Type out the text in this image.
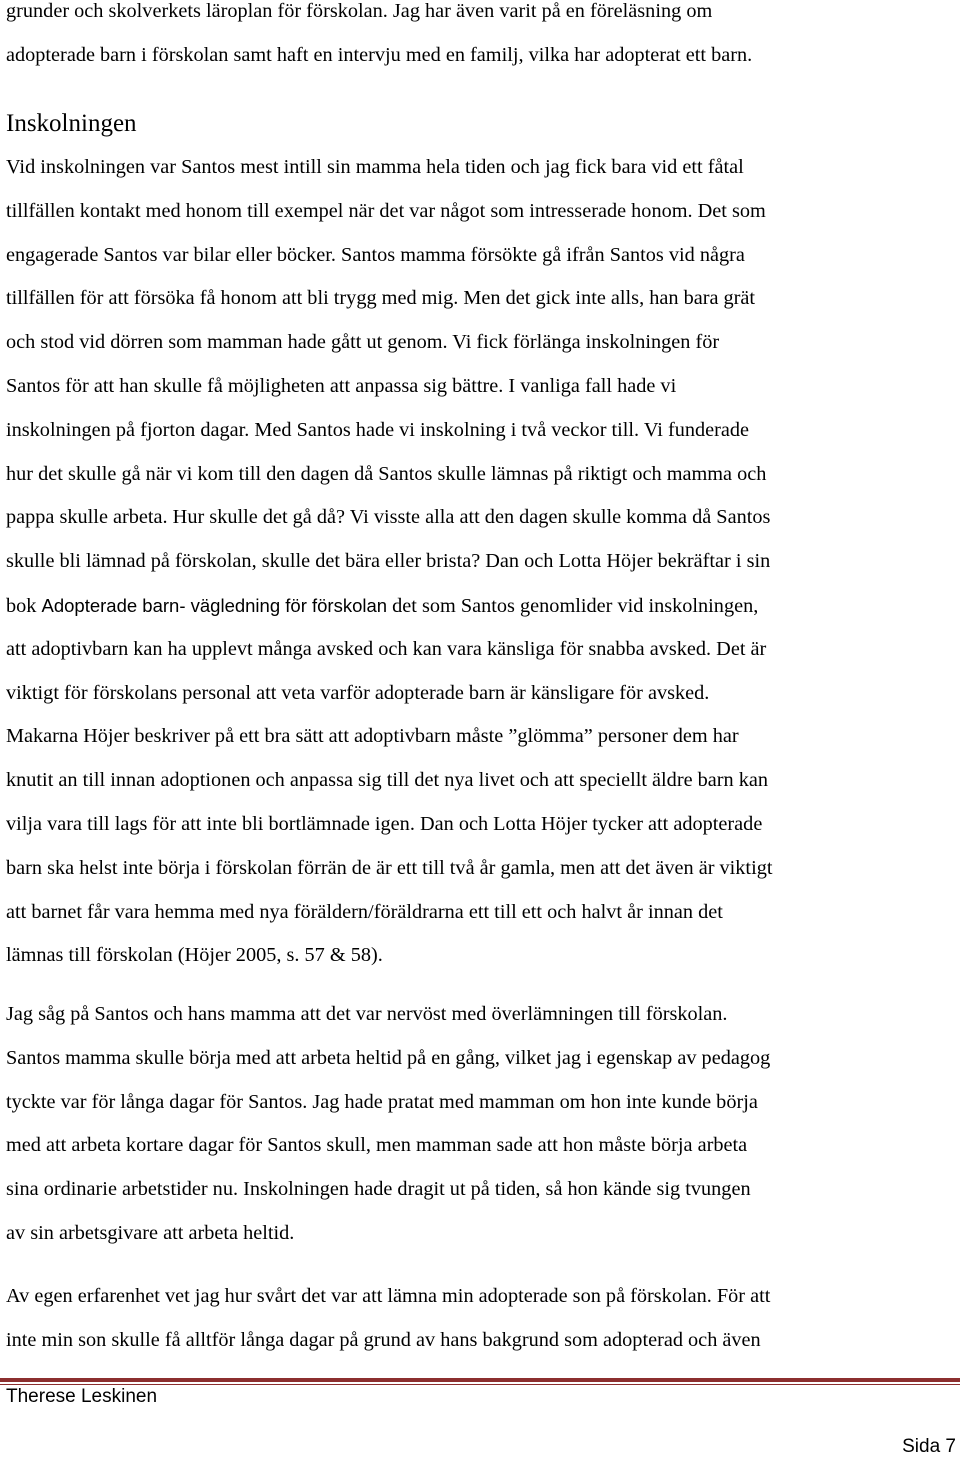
grunder och skolverkets läroplan för förskolan. Jag har även varit på en föreläsning om
adopterade barn i förskolan samt haft en intervju med en familj, vilka har adopterat ett barn.
Inskolningen
Vid inskolningen var Santos mest intill sin mamma hela tiden och jag fick bara vid ett fåtal
tillfällen kontakt med honom till exempel när det var något som intresserade honom. Det som
engagerade Santos var bilar eller böcker. Santos mamma försökte gå ifrån Santos vid några
tillfällen för att försöka få honom att bli trygg med mig. Men det gick inte alls, han bara grät
och stod vid dörren som mamman hade gått ut genom. Vi fick förlänga inskolningen för
Santos för att han skulle få möjligheten att anpassa sig bättre. I vanliga fall hade vi
inskolningen på fjorton dagar. Med Santos hade vi inskolning i två veckor till. Vi funderade
hur det skulle gå när vi kom till den dagen då Santos skulle lämnas på riktigt och mamma och
pappa skulle arbeta. Hur skulle det gå då? Vi visste alla att den dagen skulle komma då Santos
skulle bli lämnad på förskolan, skulle det bära eller brista? Dan och Lotta Höjer bekräftar i sin
bok Adopterade barn- vägledning för förskolan det som Santos genomlider vid inskolningen,
att adoptivbarn kan ha upplevt många avsked och kan vara känsliga för snabba avsked. Det är
viktigt för förskolans personal att veta varför adopterade barn är känsligare för avsked.
Makarna Höjer beskriver på ett bra sätt att adoptivbarn måste ”glömma” personer dem har
knutit an till innan adoptionen och anpassa sig till det nya livet och att speciellt äldre barn kan
vilja vara till lags för att inte bli bortlämnade igen. Dan och Lotta Höjer tycker att adopterade
barn ska helst inte börja i förskolan förrän de är ett till två år gamla, men att det även är viktigt
att barnet får vara hemma med nya föräldern/föräldrarna ett till ett och halvt år innan det
lämnas till förskolan (Höjer 2005, s. 57 & 58).
Jag såg på Santos och hans mamma att det var nervöst med överlämningen till förskolan.
Santos mamma skulle börja med att arbeta heltid på en gång, vilket jag i egenskap av pedagog
tyckte var för långa dagar för Santos. Jag hade pratat med mamman om hon inte kunde börja
med att arbeta kortare dagar för Santos skull, men mamman sade att hon måste börja arbeta
sina ordinarie arbetstider nu. Inskolningen hade dragit ut på tiden, så hon kände sig tvungen
av sin arbetsgivare att arbeta heltid.
Av egen erfarenhet vet jag hur svårt det var att lämna min adopterade son på förskolan. För att
inte min son skulle få alltför långa dagar på grund av hans bakgrund som adopterad och även
Therese Leskinen
Sida 7
